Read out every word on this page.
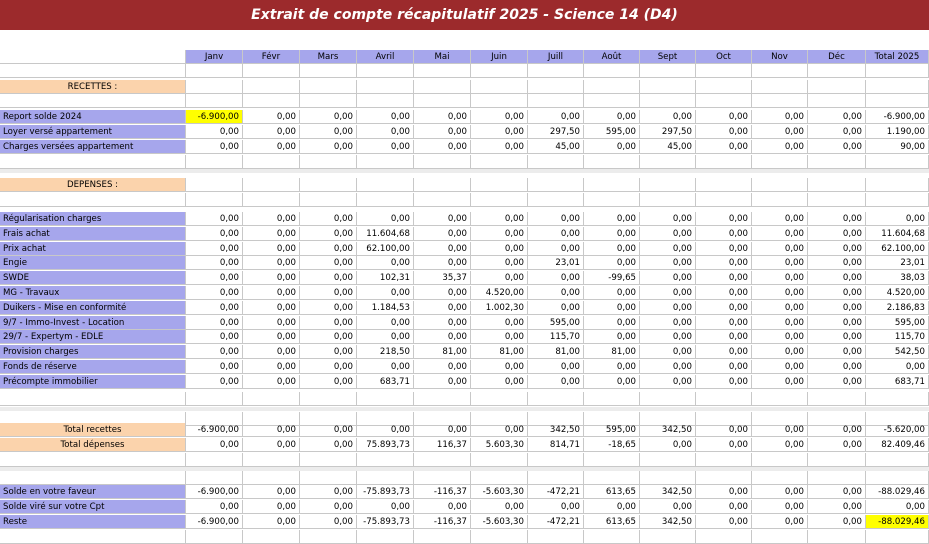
Extrait de compte récapitulatif 2025 - Science 14 (D4)
Janv	Févr	Mars	Avril	Mai	Juin	Juill	Août	Sept	Oct	Nov	Déc	Total 2025
RECETTES :
Report solde 2024	-6.900,00	0,00	0,00	0,00	0,00	0,00	0,00	0,00	0,00	0,00	0,00	0,00	-6.900,00
Loyer versé appartement	0,00	0,00	0,00	0,00	0,00	0,00	297,50	595,00	297,50	0,00	0,00	0,00	1.190,00
Charges versées appartement	0,00	0,00	0,00	0,00	0,00	0,00	45,00	0,00	45,00	0,00	0,00	0,00	90,00
DEPENSES :
Régularisation charges	0,00	0,00	0,00	0,00	0,00	0,00	0,00	0,00	0,00	0,00	0,00	0,00	0,00
Frais achat	0,00	0,00	0,00	11.604,68	0,00	0,00	0,00	0,00	0,00	0,00	0,00	0,00	11.604,68
Prix achat	0,00	0,00	0,00	62.100,00	0,00	0,00	0,00	0,00	0,00	0,00	0,00	0,00	62.100,00
Engie	0,00	0,00	0,00	0,00	0,00	0,00	23,01	0,00	0,00	0,00	0,00	0,00	23,01
SWDE	0,00	0,00	0,00	102,31	35,37	0,00	0,00	-99,65	0,00	0,00	0,00	0,00	38,03
MG - Travaux	0,00	0,00	0,00	0,00	0,00	4.520,00	0,00	0,00	0,00	0,00	0,00	0,00	4.520,00
Duikers - Mise en conformité	0,00	0,00	0,00	1.184,53	0,00	1.002,30	0,00	0,00	0,00	0,00	0,00	0,00	2.186,83
9/7 - Immo-Invest - Location	0,00	0,00	0,00	0,00	0,00	0,00	595,00	0,00	0,00	0,00	0,00	0,00	595,00
29/7 - Expertym - EDLE	0,00	0,00	0,00	0,00	0,00	0,00	115,70	0,00	0,00	0,00	0,00	0,00	115,70
Provision charges	0,00	0,00	0,00	218,50	81,00	81,00	81,00	81,00	0,00	0,00	0,00	0,00	542,50
Fonds de réserve	0,00	0,00	0,00	0,00	0,00	0,00	0,00	0,00	0,00	0,00	0,00	0,00	0,00
Précompte immobilier	0,00	0,00	0,00	683,71	0,00	0,00	0,00	0,00	0,00	0,00	0,00	0,00	683,71
Total recettes	-6.900,00	0,00	0,00	0,00	0,00	0,00	342,50	595,00	342,50	0,00	0,00	0,00	-5.620,00
Total dépenses	0,00	0,00	0,00	75.893,73	116,37	5.603,30	814,71	-18,65	0,00	0,00	0,00	0,00	82.409,46
Solde en votre faveur	-6.900,00	0,00	0,00	-75.893,73	-116,37	-5.603,30	-472,21	613,65	342,50	0,00	0,00	0,00	-88.029,46
Solde viré sur votre Cpt	0,00	0,00	0,00	0,00	0,00	0,00	0,00	0,00	0,00	0,00	0,00	0,00	0,00
Reste	-6.900,00	0,00	0,00	-75.893,73	-116,37	-5.603,30	-472,21	613,65	342,50	0,00	0,00	0,00	-88.029,46
